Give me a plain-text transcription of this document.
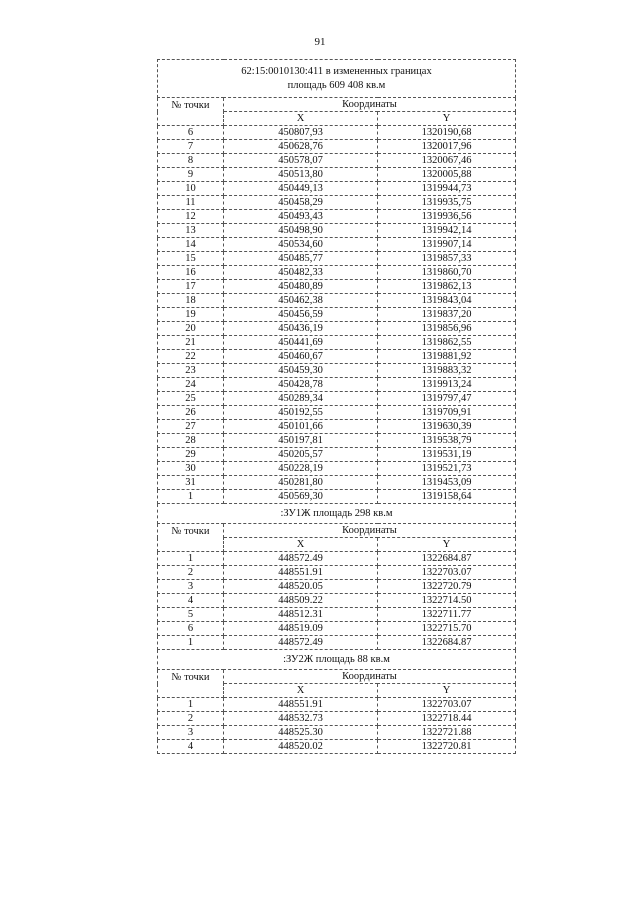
91
62:15:0010130:411 в измененных границах
площадь 609 408 кв.м		
№ точки	Координаты	
	X	Y
6	450807,93	1320190,68
7	450628,76	1320017,96
8	450578,07	1320067,46
9	450513,80	1320005,88
10	450449,13	1319944,73
11	450458,29	1319935,75
12	450493,43	1319936,56
13	450498,90	1319942,14
14	450534,60	1319907,14
15	450485,77	1319857,33
16	450482,33	1319860,70
17	450480,89	1319862,13
18	450462,38	1319843,04
19	450456,59	1319837,20
20	450436,19	1319856,96
21	450441,69	1319862,55
22	450460,67	1319881,92
23	450459,30	1319883,32
24	450428,78	1319913,24
25	450289,34	1319797,47
26	450192,55	1319709,91
27	450101,66	1319630,39
28	450197,81	1319538,79
29	450205,57	1319531,19
30	450228,19	1319521,73
31	450281,80	1319453,09
1	450569,30	1319158,64
:ЗУ1Ж площадь 298 кв.м		
№ точки	Координаты	
	X	Y
1	448572.49	1322684.87
2	448551.91	1322703.07
3	448520.05	1322720.79
4	448509.22	1322714.50
5	448512.31	1322711.77
6	448519.09	1322715.70
1	448572.49	1322684.87
:ЗУ2Ж площадь 88 кв.м		
№ точки	Координаты	
	X	Y
1	448551.91	1322703.07
2	448532.73	1322718.44
3	448525.30	1322721.88
4	448520.02	1322720.81
